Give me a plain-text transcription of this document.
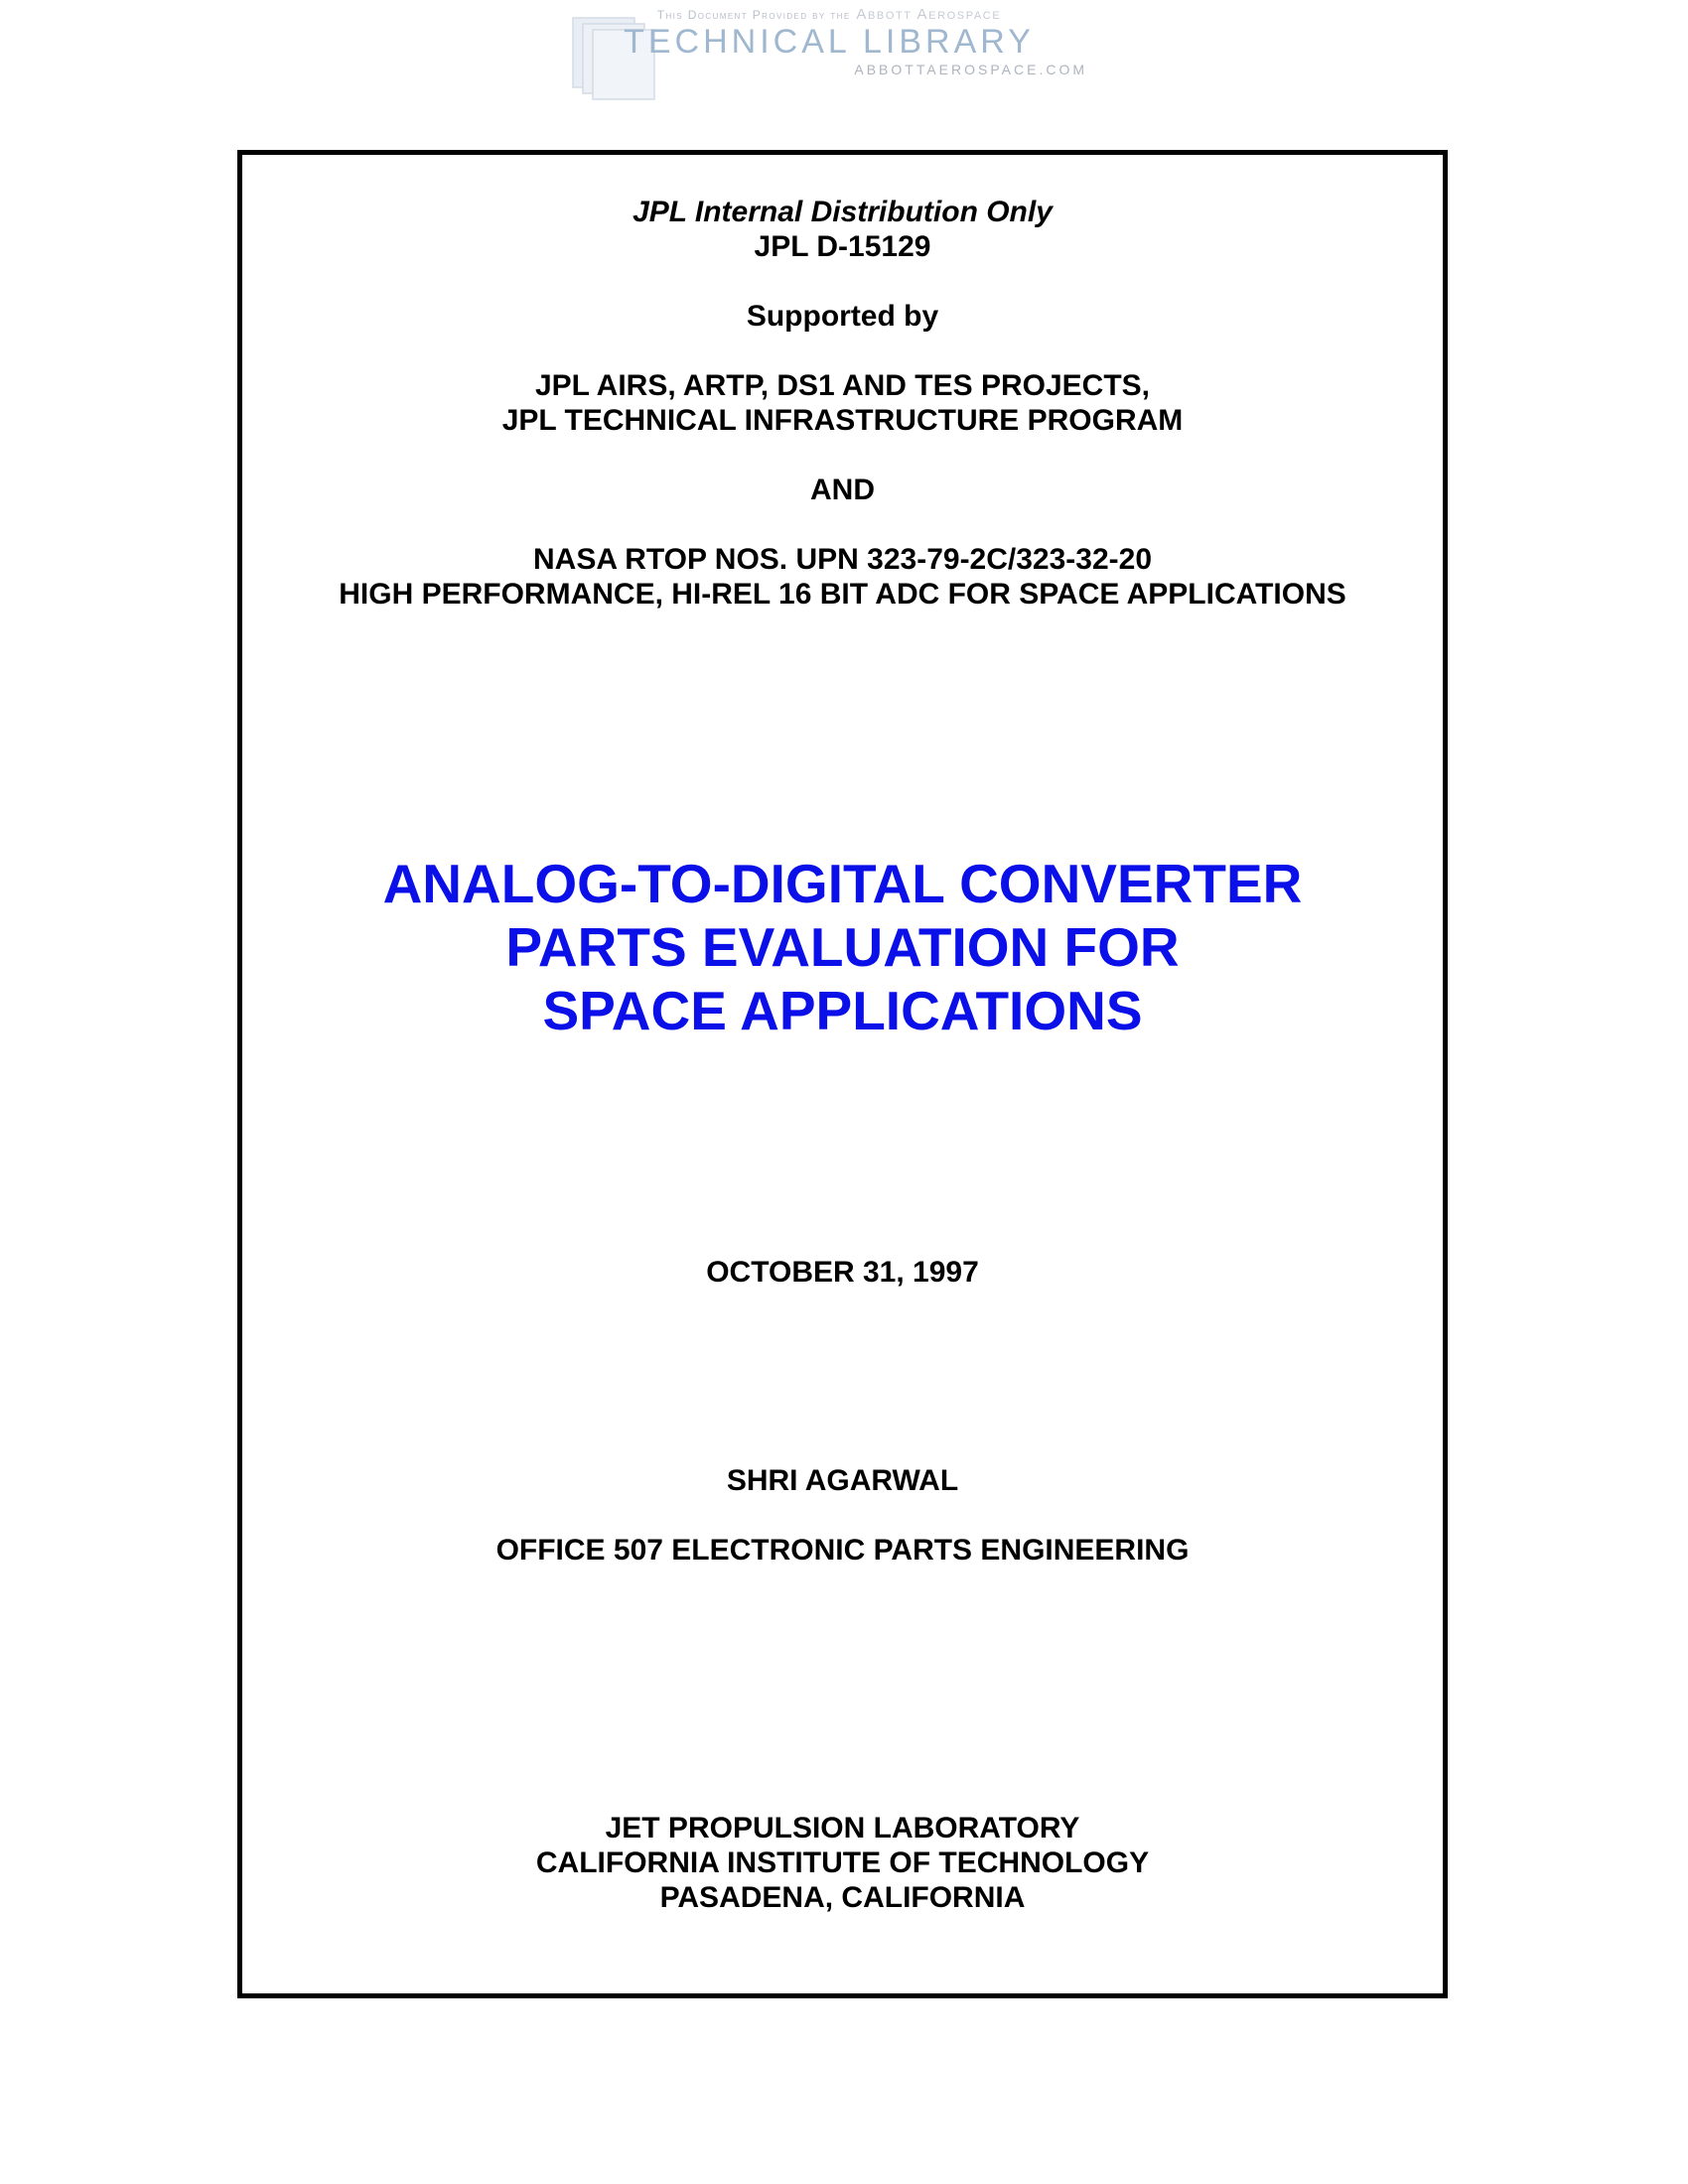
This Document Provided by the Abbott Aerospace
TECHNICAL LIBRARY
ABBOTTAEROSPACE.COM
JPL Internal Distribution Only
JPL D-15129
Supported by
JPL AIRS, ARTP, DS1 AND TES PROJECTS,
JPL TECHNICAL INFRASTRUCTURE PROGRAM
AND
NASA RTOP NOS. UPN 323-79-2C/323-32-20
HIGH PERFORMANCE, HI-REL 16 BIT ADC FOR SPACE APPLICATIONS
ANALOG-TO-DIGITAL CONVERTER
PARTS EVALUATION FOR
SPACE APPLICATIONS
OCTOBER 31, 1997
SHRI AGARWAL
OFFICE 507 ELECTRONIC PARTS ENGINEERING
JET PROPULSION LABORATORY
CALIFORNIA INSTITUTE OF TECHNOLOGY
PASADENA, CALIFORNIA
